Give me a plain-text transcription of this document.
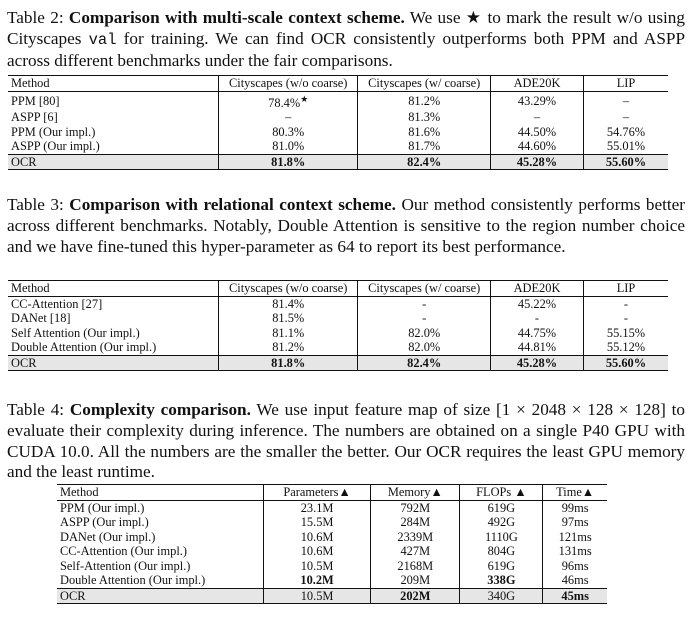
Table 2: Comparison with multi-scale context scheme. We use ★ to mark the result w/o using Cityscapes val for training. We can find OCR consistently outperforms both PPM and ASPP across different benchmarks under the fair comparisons.

Method	Cityscapes (w/o coarse)	Cityscapes (w/ coarse)	ADE20K	LIP
PPM [80]	78.4%★	81.2%	43.29%	–
ASPP [6]	–	81.3%	–	–
PPM (Our impl.)	80.3%	81.6%	44.50%	54.76%
ASPP (Our impl.)	81.0%	81.7%	44.60%	55.01%
OCR	81.8%	82.4%	45.28%	55.60%

Table 3: Comparison with relational context scheme. Our method consistently performs better across different benchmarks. Notably, Double Attention is sensitive to the region number choice and we have fine-tuned this hyper-parameter as 64 to report its best performance.

Method	Cityscapes (w/o coarse)	Cityscapes (w/ coarse)	ADE20K	LIP
CC-Attention [27]	81.4%	-	45.22%	-
DANet [18]	81.5%	-	-	-
Self Attention (Our impl.)	81.1%	82.0%	44.75%	55.15%
Double Attention (Our impl.)	81.2%	82.0%	44.81%	55.12%
OCR	81.8%	82.4%	45.28%	55.60%

Table 4: Complexity comparison. We use input feature map of size [1 × 2048 × 128 × 128] to evaluate their complexity during inference. The numbers are obtained on a single P40 GPU with CUDA 10.0. All the numbers are the smaller the better. Our OCR requires the least GPU memory and the least runtime.

Method	Parameters▲	Memory▲	FLOPs ▲	Time▲
PPM (Our impl.)	23.1M	792M	619G	99ms
ASPP (Our impl.)	15.5M	284M	492G	97ms
DANet (Our impl.)	10.6M	2339M	1110G	121ms
CC-Attention (Our impl.)	10.6M	427M	804G	131ms
Self-Attention (Our impl.)	10.5M	2168M	619G	96ms
Double Attention (Our impl.)	10.2M	209M	338G	46ms
OCR	10.5M	202M	340G	45ms
